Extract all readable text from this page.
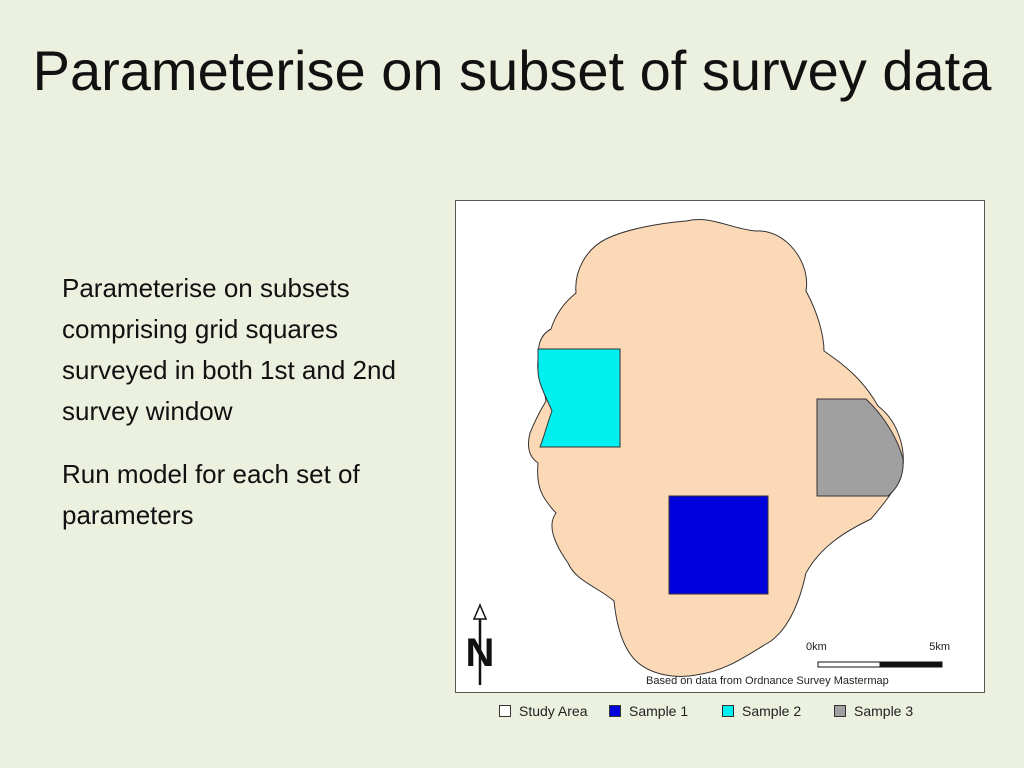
Parameterise on subset of survey data
Parameterise on subsets comprising grid squares surveyed in both 1st and 2nd survey window
Run model for each set of parameters
N	0km	5km
Based on data from Ordnance Survey Mastermap
Study Area	Sample 1	Sample 2	Sample 3
